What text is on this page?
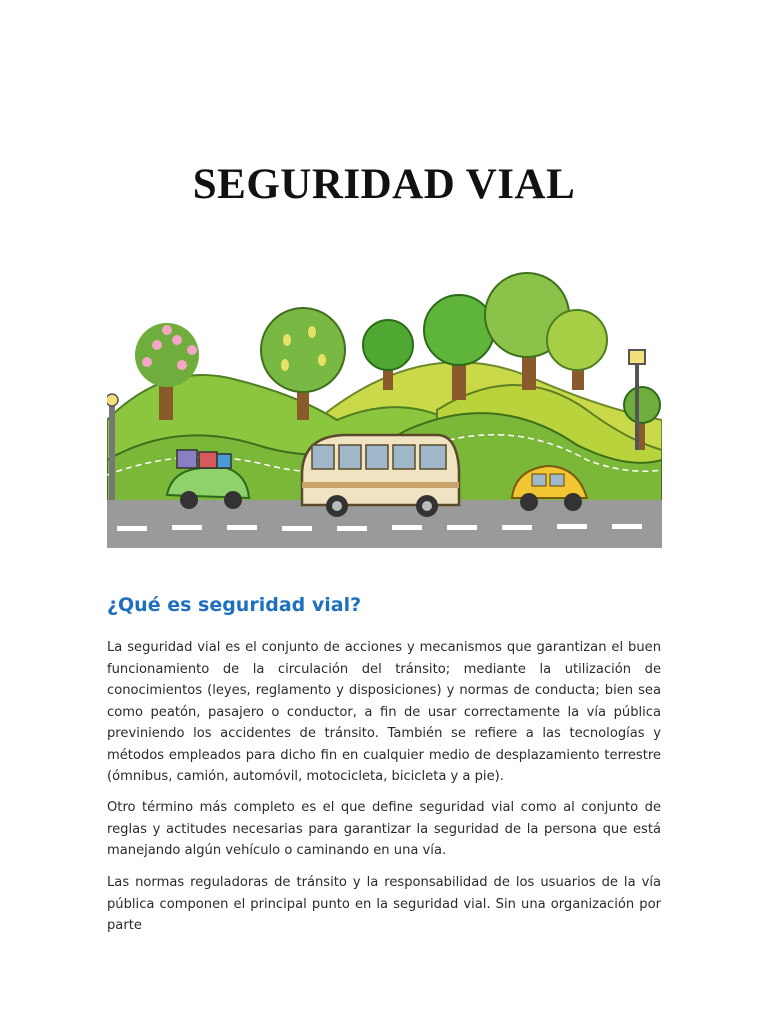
SEGURIDAD VIAL
¿Qué es seguridad vial?
La seguridad vial es el conjunto de acciones y mecanismos que garantizan el buen funcionamiento de la circulación del tránsito; mediante la utilización de conocimientos (leyes, reglamento y disposiciones) y normas de conducta; bien sea como peatón, pasajero o conductor, a fin de usar correctamente la vía pública previniendo los accidentes de tránsito. También se refiere a las tecnologías y métodos empleados para dicho fin en cualquier medio de desplazamiento terrestre (ómnibus, camión, automóvil, motocicleta, bicicleta y a pie).
Otro término más completo es el que define seguridad vial como al conjunto de reglas y actitudes necesarias para garantizar la seguridad de la persona que está manejando algún vehículo o caminando en una vía.
Las normas reguladoras de tránsito y la responsabilidad de los usuarios de la vía pública componen el principal punto en la seguridad vial. Sin una organización por parte
